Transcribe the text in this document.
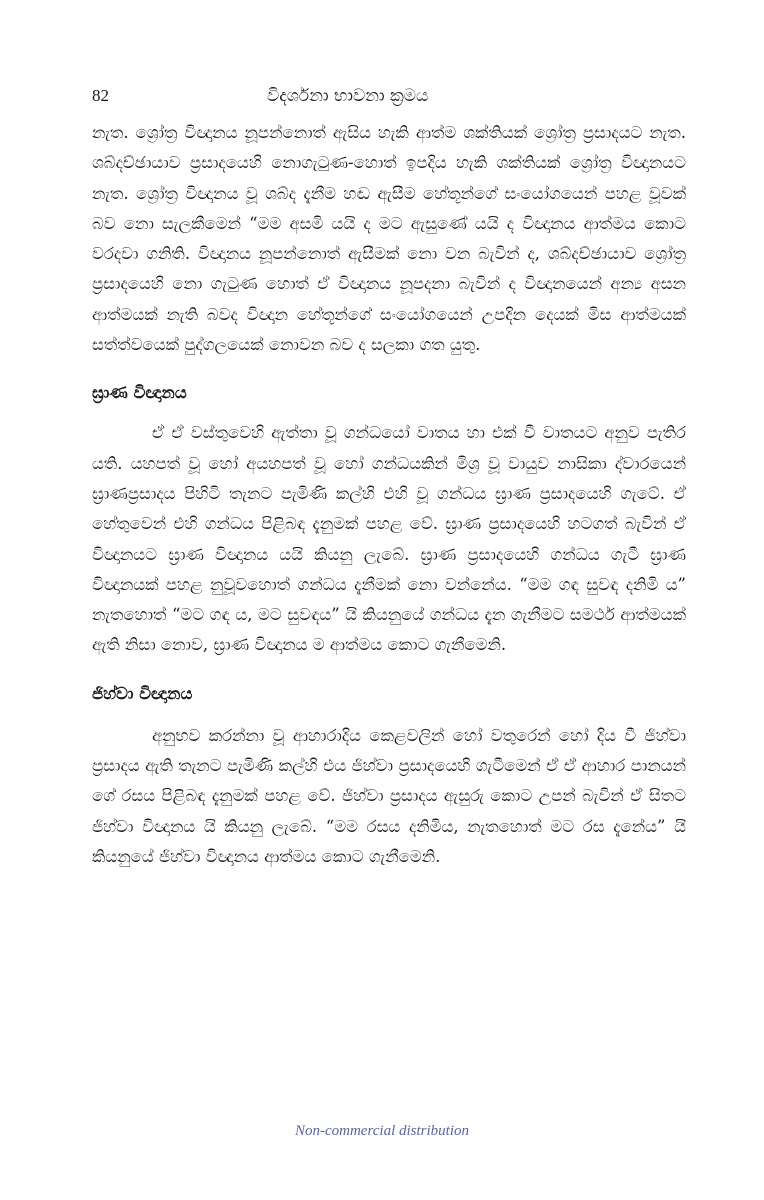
82	විදර්ශනා භාවනා ක්‍රමය

නැත. ශ්‍රෝත්‍ර විඥානය නූපන්නොත් ඇසිය හැකි ආත්ම ශක්තියක් ශ්‍රෝත්‍ර ප්‍රසාදයට නැත. ශබ්දච්ඡායාව ප්‍රසාදයෙහි නොගැටුණ-හොත් ඉපදිය හැකි ශක්තියක් ශ්‍රෝත්‍ර විඥානයට නැත. ශ්‍රෝත්‍ර විඥානය වූ ශබ්ද දැනීම හඬ ඇසීම හේතූන්ගේ සංයෝගයෙන් පහළ වූවක් බව නො සැලකීමෙන් “මම අසමි යයි ද මට ඇසුණේ යයි ද විඥානය ආත්මය කොට වරදවා ගනිති. විඥානය නූපන්නොත් ඇසීමක් නො වන බැවින් ද, ශබ්දච්ඡායාව ශ්‍රෝත්‍ර ප්‍රසාදයෙහි නො ගැටුණ හොත් ඒ විඥානය නූපදනා බැවින් ද විඥානයෙන් අන්‍ය අසන ආත්මයක් නැති බවද විඥාන හේතූන්ගේ සංයෝගයෙන් උපදින දෙයක් මිස ආත්මයක් සත්ත්වයෙක් පුද්ගලයෙක් නොවන බව ද සලකා ගත යුතු.

ඝ්‍රාණ විඥානය

ඒ ඒ වස්තුවෙහි ඇත්තා වූ ගන්ධයෝ වාතය හා එක් වී වාතයට අනුව පැතිර යති. යහපත් වූ හෝ අයහපත් වූ හෝ ගන්ධයකින් මිශ්‍ර වූ වායුව නාසිකා ද්වාරයෙන් ඝ්‍රාණප්‍රසාදය පිහිටි තැනට පැමිණි කල්හි එහි වූ ගන්ධය ඝ්‍රාණ ප්‍රසාදයෙහි ගැටේ. ඒ හේතුවෙන් එහි ගන්ධය පිළිබඳ දැනුමක් පහළ වේ. ඝ්‍රාණ ප්‍රසාදයෙහි හටගත් බැවින් ඒ විඥානයට ඝ්‍රාණ විඥානය යයි කියනු ලැබේ. ඝ්‍රාණ ප්‍රසාදයෙහි ගන්ධය ගැටී ඝ්‍රාණ විඥානයක් පහළ නුවූවහොත් ගන්ධය දැනීමක් නො වන්නේය. “මම ගඳ සුවඳ දනිමි ය” නැතහොත් “මට ගඳ ය, මට සුවඳය” යි කියනුයේ ගන්ධය දැන ගැනීමට සමර්ථ ආත්මයක් ඇති නිසා නොව, ඝ්‍රාණ විඥානය ම ආත්මය කොට ගැනීමෙනි.

ජිහ්වා විඥානය

අනුභව කරන්නා වූ ආහාරාදිය කෙළවලින් හෝ වතුරෙන් හෝ දිය වී ජිහ්වා ප්‍රසාදය ඇති තැනට පැමිණි කල්හි එය ජිහ්වා ප්‍රසාදයෙහි ගැටීමෙන් ඒ ඒ ආහාර පානයන් ගේ රසය පිළිබඳ දැනුමක් පහළ වේ. ජිහ්වා ප්‍රසාදය ඇසුරු කොට උපන් බැවින් ඒ සිතට ජිහ්වා විඥානය යි කියනු ලැබේ. “මම රසය දනිමිය, නැතහොත් මට රස දැනේය” යි කියනුයේ ජිහ්වා විඥානය ආත්මය කොට ගැනීමෙනි.

Non-commercial distribution
